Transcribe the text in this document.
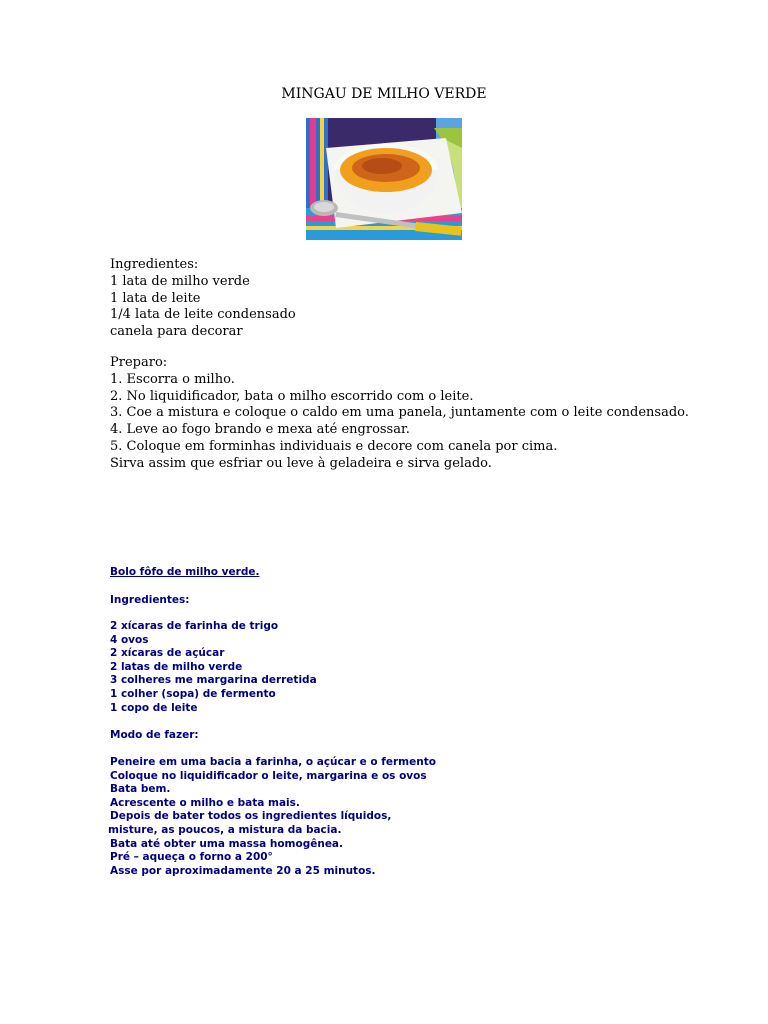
MINGAU DE MILHO VERDE
Ingredientes:
1 lata de milho verde
1 lata de leite
1/4 lata de leite condensado
canela para decorar
Preparo:
1. Escorra o milho.
2. No liquidificador, bata o milho escorrido com o leite.
3. Coe a mistura e coloque o caldo em uma panela, juntamente com o leite condensado.
4. Leve ao fogo brando e mexa até engrossar.
5. Coloque em forminhas individuais e decore com canela por cima.
Sirva assim que esfriar ou leve à geladeira e sirva gelado.
Bolo fôfo de milho verde.
Ingredientes:
2 xícaras de farinha de trigo
4 ovos
2 xícaras de açúcar
2 latas de milho verde
3 colheres me margarina derretida
1 colher (sopa) de fermento
1 copo de leite
Modo de fazer:
Peneire em uma bacia a farinha, o açúcar e o fermento
Coloque no liquidificador o leite, margarina e os ovos
Bata bem.
Acrescente o milho e bata mais.
Depois de bater todos os ingredientes líquidos,
misture, as poucos, a mistura da bacia.
Bata até obter uma massa homogênea.
Pré – aqueça o forno a 200°
Asse por aproximadamente 20 a 25 minutos.
